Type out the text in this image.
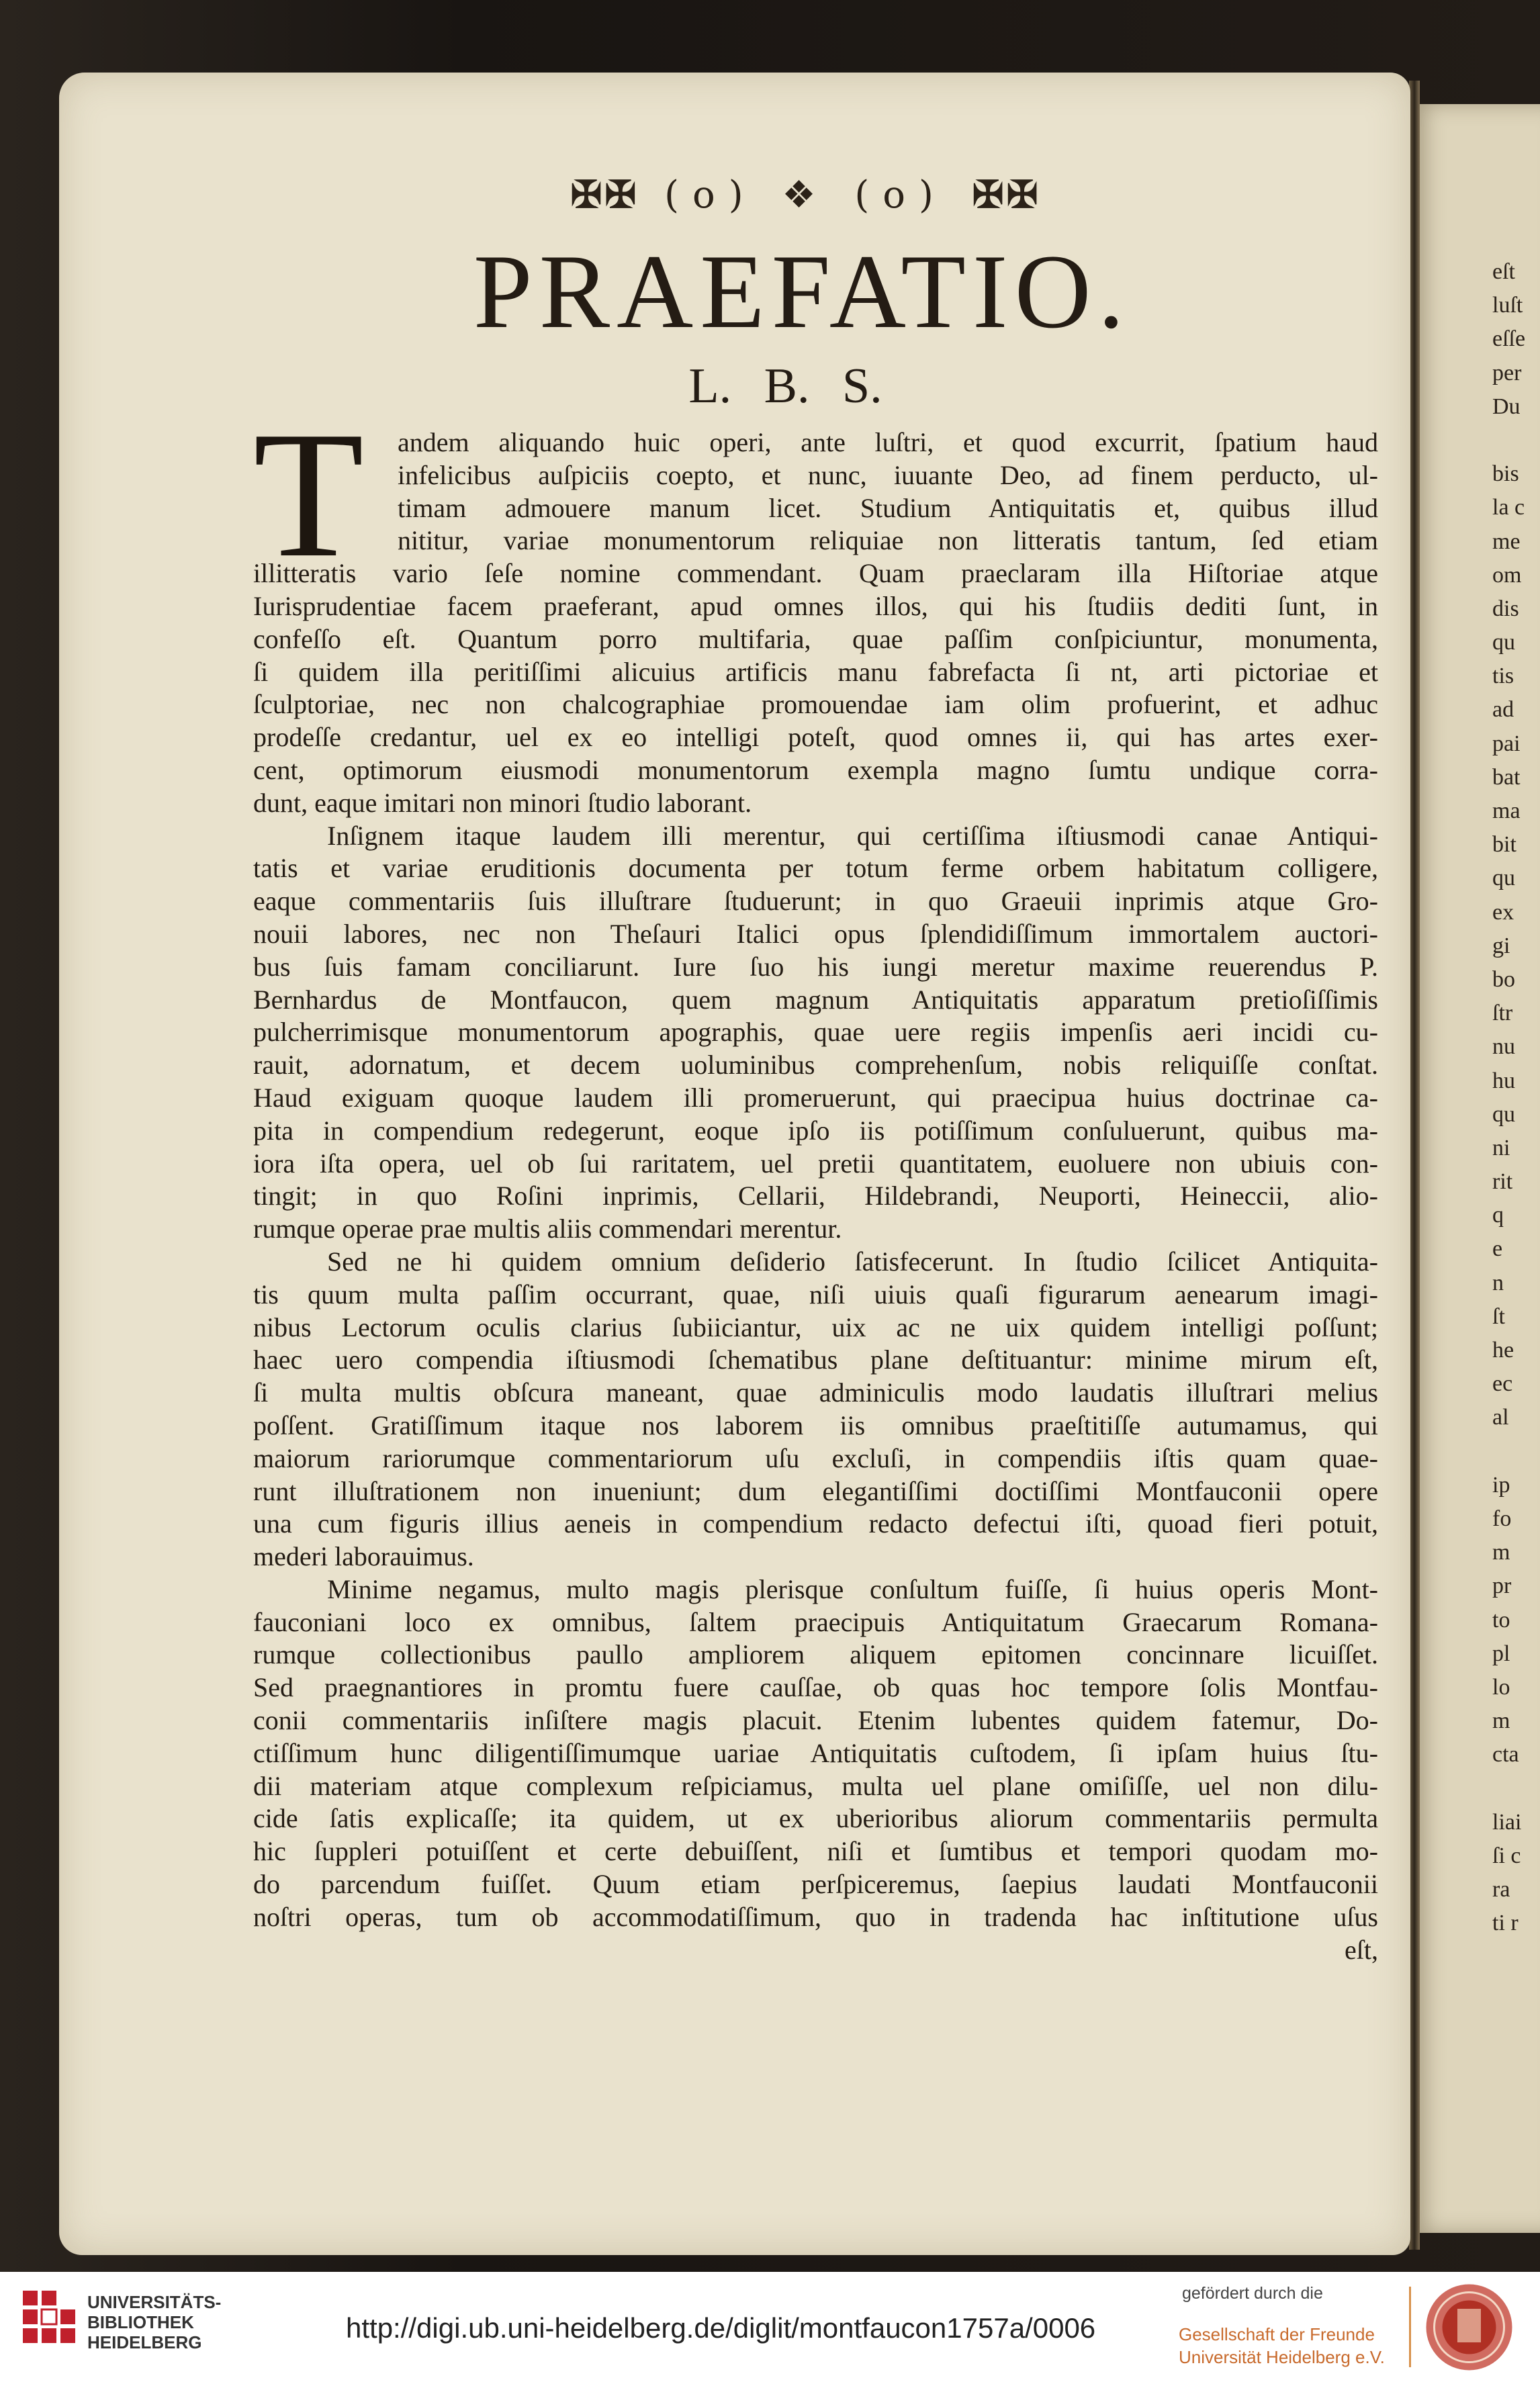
eſt
luſt
eſſe
per
Du
bis
la c
me
om
dis
qu
tis
ad
pai
bat
ma
bit
qu
ex
gi
bo
ſtr
nu
hu
qu
ni
rit
q
e
n
ſt
he
ec
al
ip
fo
m
pr
to
pl
lo
m
cta
liai
ſi c
ra
ti r
✠✠ (o) ❖ (o) ✠✠
PRAEFATIO.
L. B. S.
T	andem aliquando huic operi, ante luſtri, et quod excurrit, ſpatium haud
infelicibus auſpiciis coepto, et nunc, iuuante Deo, ad finem perducto, ul-
timam admouere manum licet. Studium Antiquitatis et, quibus illud
nititur, variae monumentorum reliquiae non litteratis tantum, ſed etiam
illitteratis vario ſeſe nomine commendant. Quam praeclaram illa Hiſtoriae atque
Iurisprudentiae facem praeferant, apud omnes illos, qui his ſtudiis dediti ſunt, in
confeſſo eſt. Quantum porro multifaria, quae paſſim conſpiciuntur, monumenta,
ſi quidem illa peritiſſimi alicuius artificis manu fabrefacta ſi nt, arti pictoriae et
ſculptoriae, nec non chalcographiae promouendae iam olim profuerint, et adhuc
prodeſſe credantur, uel ex eo intelligi poteſt, quod omnes ii, qui has artes exer-
cent, optimorum eiusmodi monumentorum exempla magno ſumtu undique corra-
dunt, eaque imitari non minori ſtudio laborant.
Inſignem itaque laudem illi merentur, qui certiſſima iſtiusmodi canae Antiqui-
tatis et variae eruditionis documenta per totum ferme orbem habitatum colligere,
eaque commentariis ſuis illuſtrare ſtuduerunt; in quo Graeuii inprimis atque Gro-
nouii labores, nec non Theſauri Italici opus ſplendidiſſimum immortalem auctori-
bus ſuis famam conciliarunt. Iure ſuo his iungi meretur maxime reuerendus P.
Bernhardus de Montfaucon, quem magnum Antiquitatis apparatum pretioſiſſimis
pulcherrimisque monumentorum apographis, quae uere regiis impenſis aeri incidi cu-
rauit, adornatum, et decem uoluminibus comprehenſum, nobis reliquiſſe conſtat.
Haud exiguam quoque laudem illi promeruerunt, qui praecipua huius doctrinae ca-
pita in compendium redegerunt, eoque ipſo iis potiſſimum conſuluerunt, quibus ma-
iora iſta opera, uel ob ſui raritatem, uel pretii quantitatem, euoluere non ubiuis con-
tingit; in quo Roſini inprimis, Cellarii, Hildebrandi, Neuporti, Heineccii, alio-
rumque operae prae multis aliis commendari merentur.
Sed ne hi quidem omnium deſiderio ſatisfecerunt. In ſtudio ſcilicet Antiquita-
tis quum multa paſſim occurrant, quae, niſi uiuis quaſi figurarum aenearum imagi-
nibus Lectorum oculis clarius ſubiiciantur, uix ac ne uix quidem intelligi poſſunt;
haec uero compendia iſtiusmodi ſchematibus plane deſtituantur: minime mirum eſt,
ſi multa multis obſcura maneant, quae adminiculis modo laudatis illuſtrari melius
poſſent. Gratiſſimum itaque nos laborem iis omnibus praeſtitiſſe autumamus, qui
maiorum rariorumque commentariorum uſu excluſi, in compendiis iſtis quam quae-
runt illuſtrationem non inueniunt; dum elegantiſſimi doctiſſimi Montfauconii opere
una cum figuris illius aeneis in compendium redacto defectui iſti, quoad fieri potuit,
mederi laborauimus.
Minime negamus, multo magis plerisque conſultum fuiſſe, ſi huius operis Mont-
fauconiani loco ex omnibus, ſaltem praecipuis Antiquitatum Graecarum Romana-
rumque collectionibus paullo ampliorem aliquem epitomen concinnare licuiſſet.
Sed praegnantiores in promtu fuere cauſſae, ob quas hoc tempore ſolis Montfau-
conii commentariis inſiſtere magis placuit. Etenim lubentes quidem fatemur, Do-
ctiſſimum hunc diligentiſſimumque uariae Antiquitatis cuſtodem, ſi ipſam huius ſtu-
dii materiam atque complexum reſpiciamus, multa uel plane omiſiſſe, uel non dilu-
cide ſatis explicaſſe; ita quidem, ut ex uberioribus aliorum commentariis permulta
hic ſuppleri potuiſſent et certe debuiſſent, niſi et ſumtibus et tempori quodam mo-
do parcendum fuiſſet. Quum etiam perſpiceremus, ſaepius laudati Montfauconii
noſtri operas, tum ob accommodatiſſimum, quo in tradenda hac inſtitutione uſus
eſt,
UNIVERSITÄTS-
BIBLIOTHEK
HEIDELBERG	http://digi.ub.uni-heidelberg.de/diglit/montfaucon1757a/0006
gefördert durch die
Gesellschaft der Freunde
Universität Heidelberg e.V.
